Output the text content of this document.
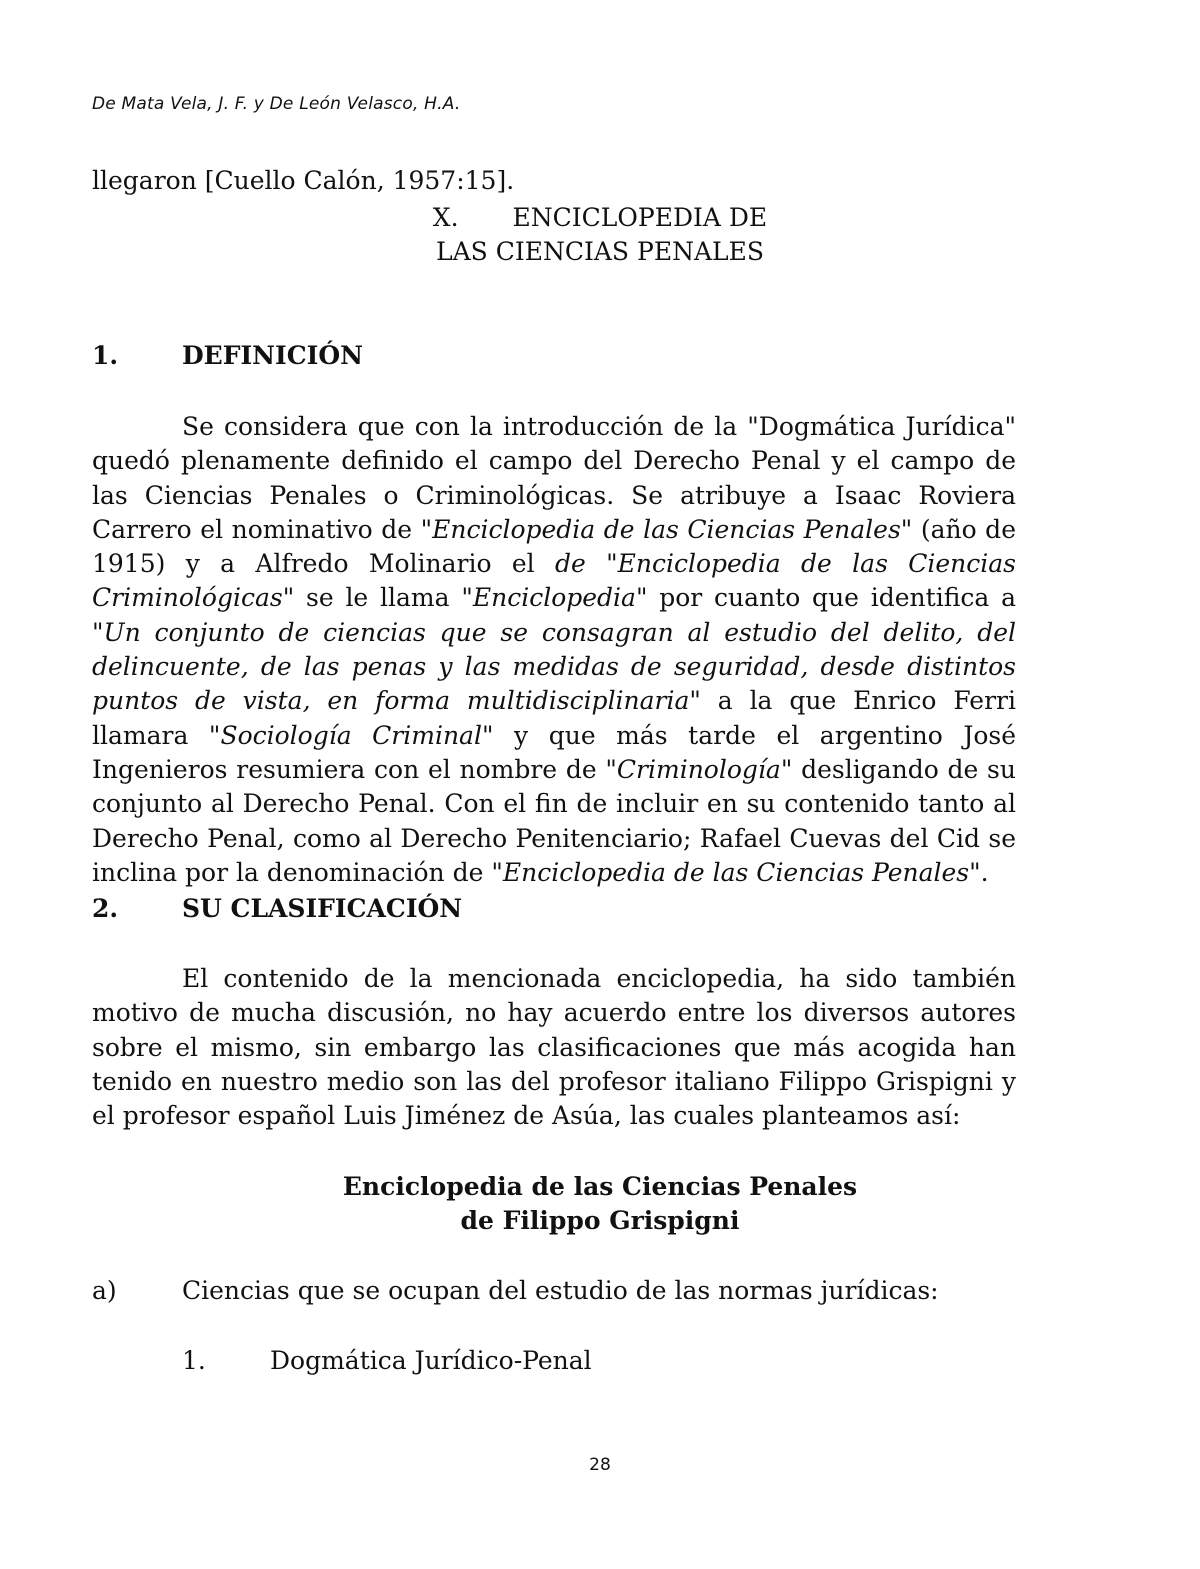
De Mata Vela, J. F. y De León Velasco, H.A.
llegaron [Cuello Calón, 1957:15].
X. ENCICLOPEDIA DE
LAS CIENCIAS PENALES
1.	DEFINICIÓN
Se considera que con la introducción de la "Dogmática Jurídica" quedó plenamente definido el campo del Derecho Penal y el campo de las Ciencias Penales o Criminológicas. Se atribuye a Isaac Roviera Carrero el nominativo de "Enciclopedia de las Ciencias Penales" (año de 1915) y a Alfredo Molinario el de "Enciclopedia de las Ciencias Criminológicas" se le llama "Enciclopedia" por cuanto que identifica a "Un conjunto de ciencias que se consagran al estudio del delito, del delincuente, de las penas y las medidas de seguridad, desde distintos puntos de vista, en forma multidisciplinaria" a la que Enrico Ferri llamara "Sociología Criminal" y que más tarde el argentino José Ingenieros resumiera con el nombre de "Criminología" desligando de su conjunto al Derecho Penal. Con el fin de incluir en su contenido tanto al Derecho Penal, como al Derecho Penitenciario; Rafael Cuevas del Cid se inclina por la denominación de "Enciclopedia de las Ciencias Penales".
2.	SU CLASIFICACIÓN
El contenido de la mencionada enciclopedia, ha sido también motivo de mucha discusión, no hay acuerdo entre los diversos autores sobre el mismo, sin embargo las clasificaciones que más acogida han tenido en nuestro medio son las del profesor italiano Filippo Grispigni y el profesor español Luis Jiménez de Asúa, las cuales planteamos así:
Enciclopedia de las Ciencias Penales
de Filippo Grispigni
a)	Ciencias que se ocupan del estudio de las normas jurídicas:
1.	Dogmática Jurídico-Penal
28
